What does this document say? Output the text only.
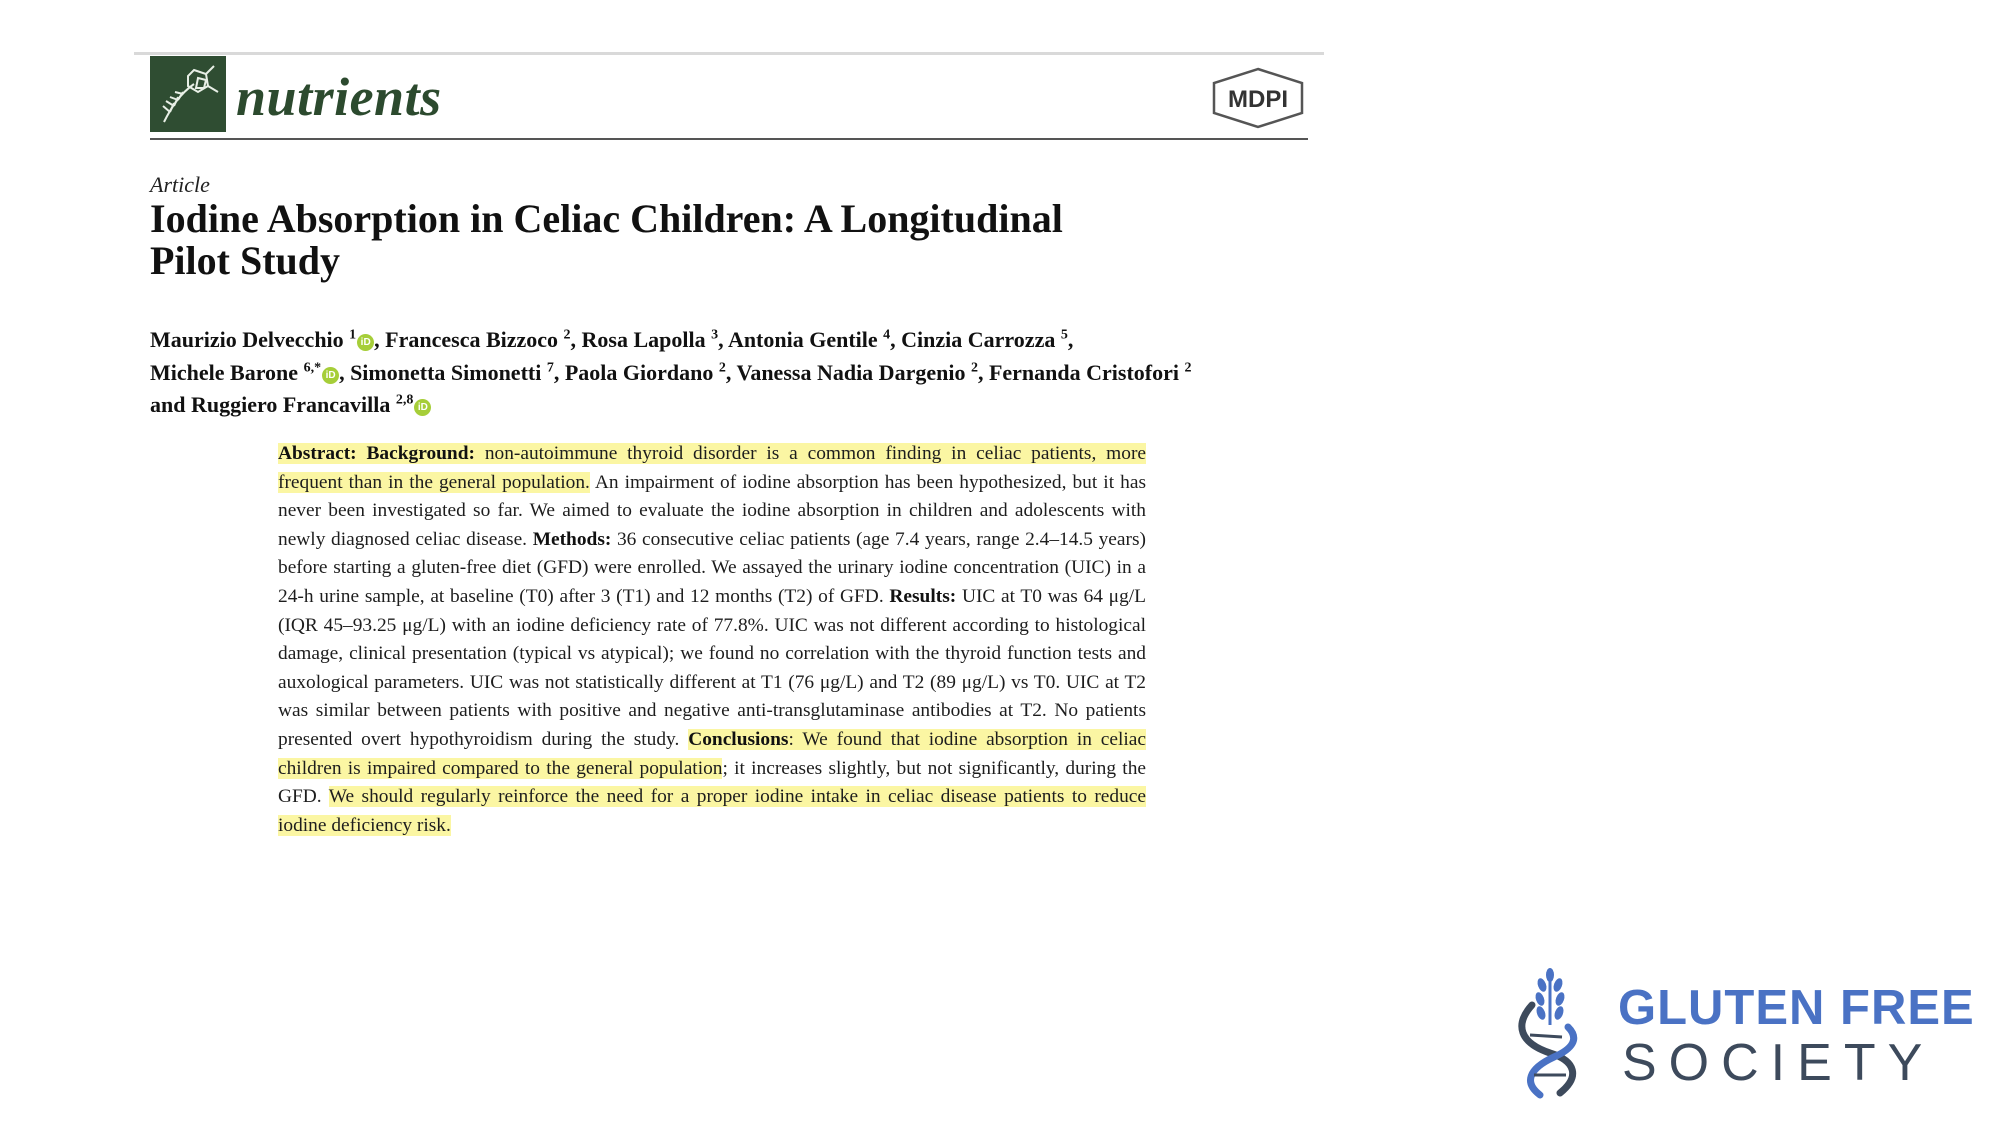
nutrients	MDPI
Article
Iodine Absorption in Celiac Children: A Longitudinal
Pilot Study
Maurizio Delvecchio $^1$ iD , Francesca Bizzoco $^2$, Rosa Lapolla $^3$, Antonia Gentile $^4$, Cinzia Carrozza $^5$,
Michele Barone $^{6,*}$ iD , Simonetta Simonetti $^7$, Paola Giordano $^2$, Vanessa Nadia Dargenio $^2$, Fernanda Cristofori $^2$
and Ruggiero Francavilla $^{2,8}$ iD
Abstract: Background: non-autoimmune thyroid disorder is a common finding in celiac patients, more frequent than in the general population. An impairment of iodine absorption has been hypothesized, but it has never been investigated so far. We aimed to evaluate the iodine absorption in children and adolescents with newly diagnosed celiac disease. Methods: 36 consecutive celiac patients (age 7.4 years, range 2.4–14.5 years) before starting a gluten-free diet (GFD) were enrolled. We assayed the urinary iodine concentration (UIC) in a 24-h urine sample, at baseline (T0) after 3 (T1) and 12 months (T2) of GFD. Results: UIC at T0 was 64 μg/L (IQR 45–93.25 μg/L) with an iodine deficiency rate of 77.8%. UIC was not different according to histological damage, clinical presentation (typical vs atypical); we found no correlation with the thyroid function tests and auxological parameters. UIC was not statistically different at T1 (76 μg/L) and T2 (89 μg/L) vs T0. UIC at T2 was similar between patients with positive and negative anti-transglutaminase antibodies at T2. No patients presented overt hypothyroidism during the study. Conclusions: We found that iodine absorption in celiac children is impaired compared to the general population; it increases slightly, but not significantly, during the GFD. We should regularly reinforce the need for a proper iodine intake in celiac disease patients to reduce iodine deficiency risk.
GLUTEN FREE
SOCIETY
